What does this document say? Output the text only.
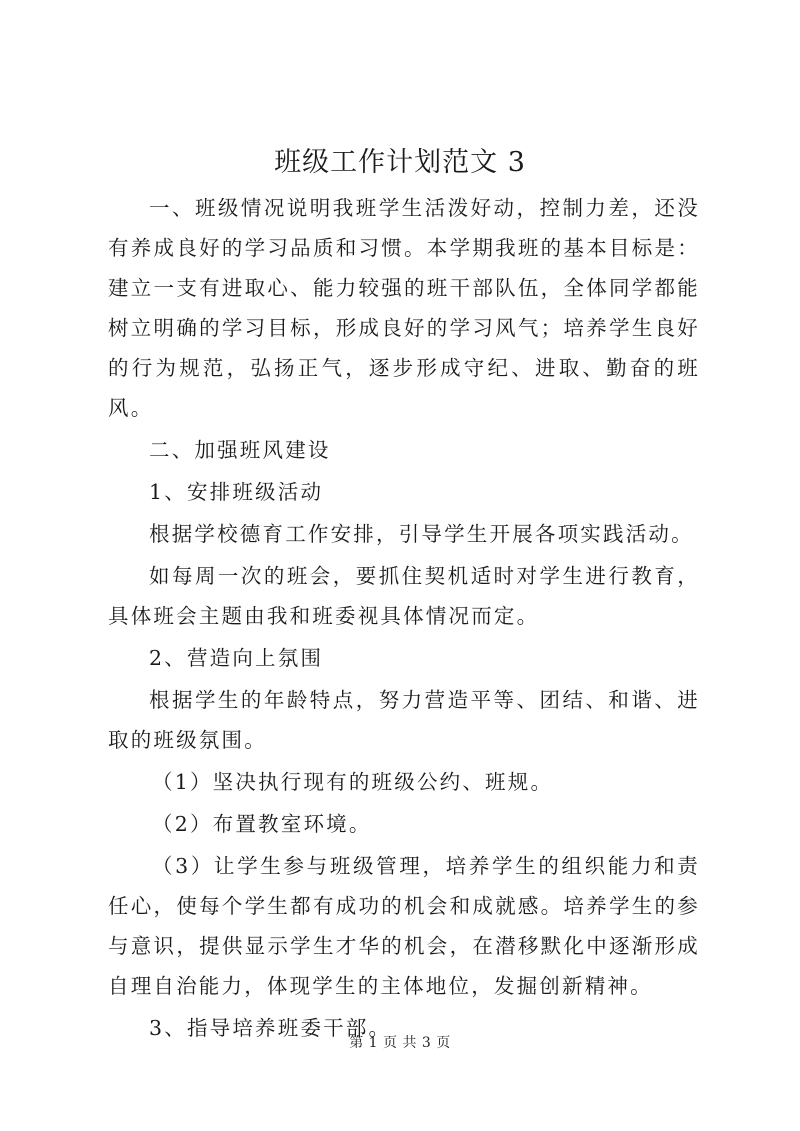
班级工作计划范文 3

一、班级情况说明我班学生活泼好动，控制力差，还没有养成良好的学习品质和习惯。本学期我班的基本目标是：建立一支有进取心、能力较强的班干部队伍，全体同学都能树立明确的学习目标，形成良好的学习风气；培养学生良好的行为规范，弘扬正气，逐步形成守纪、进取、勤奋的班风。

二、加强班风建设

1、安排班级活动

根据学校德育工作安排，引导学生开展各项实践活动。

如每周一次的班会，要抓住契机适时对学生进行教育，具体班会主题由我和班委视具体情况而定。

2、营造向上氛围

根据学生的年龄特点，努力营造平等、团结、和谐、进取的班级氛围。

（1）坚决执行现有的班级公约、班规。

（2）布置教室环境。

（3）让学生参与班级管理，培养学生的组织能力和责任心，使每个学生都有成功的机会和成就感。培养学生的参与意识，提供显示学生才华的机会，在潜移默化中逐渐形成自理自治能力，体现学生的主体地位，发掘创新精神。

3、指导培养班委干部。

第 1 页 共 3 页
